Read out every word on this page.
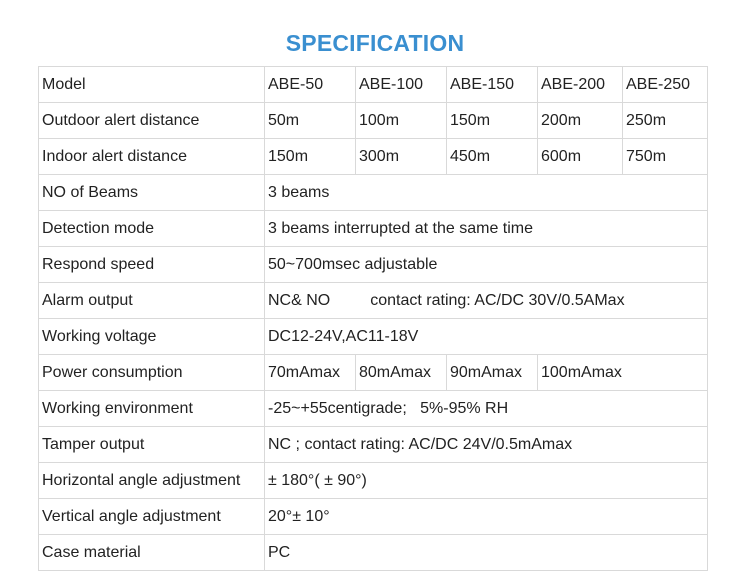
SPECIFICATION
Model	ABE-50	ABE-100	ABE-150	ABE-200	ABE-250
Outdoor alert distance	50m	100m	150m	200m	250m
Indoor alert distance	150m	300m	450m	600m	750m
NO of Beams	3 beams				
Detection mode	3 beams interrupted at the same time				
Respond speed	50~700msec adjustable				
Alarm output	NC& NO contact rating: AC/DC 30V/0.5AMax				
Working voltage	DC12-24V,AC11-18V				
Power consumption	70mAmax	80mAmax	90mAmax	100mAmax	
Working environment	-25~+55centigrade;   5%-95% RH				
Tamper output	NC ; contact rating: AC/DC 24V/0.5mAmax				
Horizontal angle adjustment	± 180°( ± 90°)				
Vertical angle adjustment	20°± 10°				
Case material	PC				
